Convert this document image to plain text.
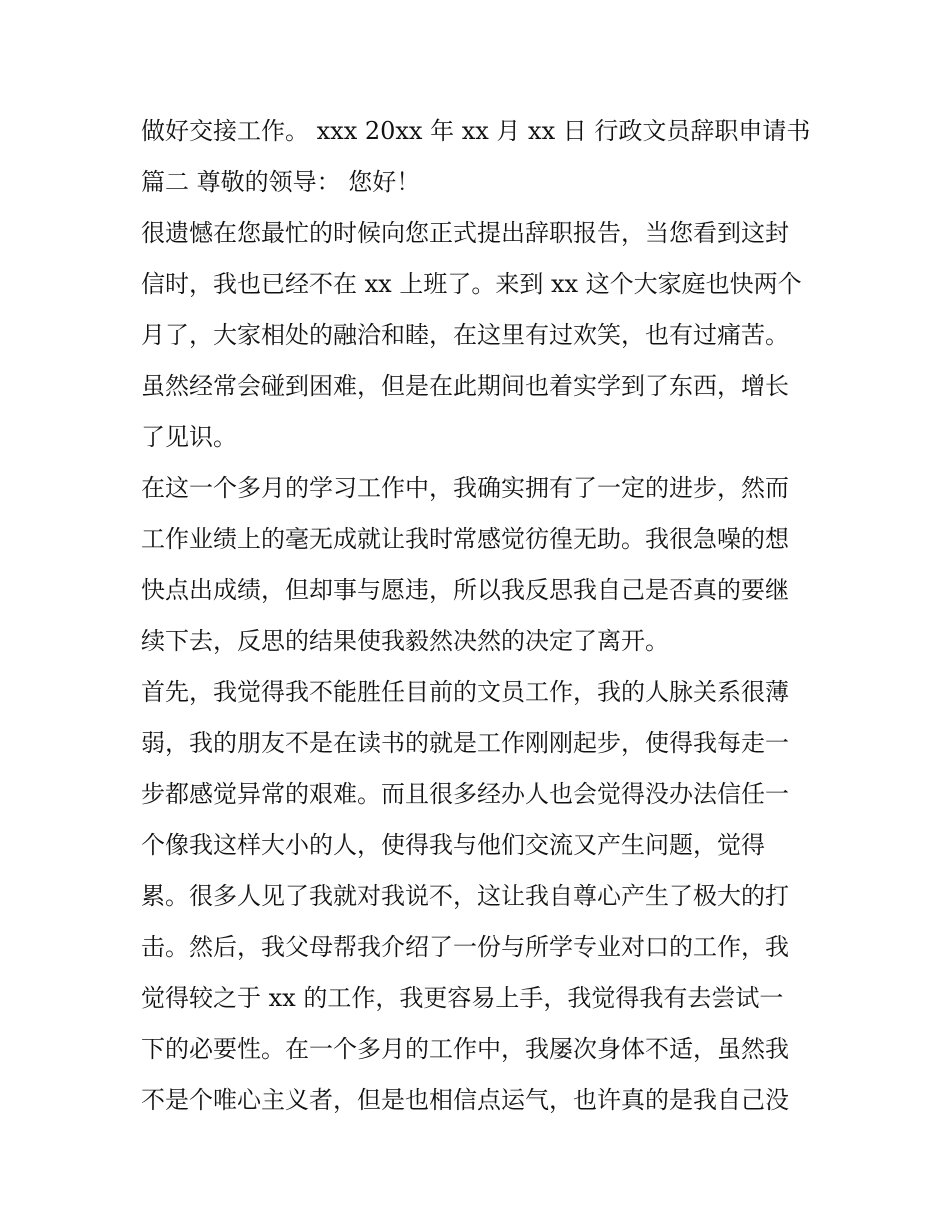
做好交接工作。 xxx 20xx 年 xx 月 xx 日 行政文员辞职申请书
篇二 尊敬的领导： 您好！
很遗憾在您最忙的时候向您正式提出辞职报告，当您看到这封
信时，我也已经不在 xx 上班了。来到 xx 这个大家庭也快两个
月了，大家相处的融洽和睦，在这里有过欢笑，也有过痛苦。
虽然经常会碰到困难，但是在此期间也着实学到了东西，增长
了见识。
在这一个多月的学习工作中，我确实拥有了一定的进步，然而
工作业绩上的毫无成就让我时常感觉彷徨无助。我很急噪的想
快点出成绩，但却事与愿违，所以我反思我自己是否真的要继
续下去，反思的结果使我毅然决然的决定了离开。
首先，我觉得我不能胜任目前的文员工作，我的人脉关系很薄
弱，我的朋友不是在读书的就是工作刚刚起步，使得我每走一
步都感觉异常的艰难。而且很多经办人也会觉得没办法信任一
个像我这样大小的人，使得我与他们交流又产生问题，觉得
累。很多人见了我就对我说不，这让我自尊心产生了极大的打
击。然后，我父母帮我介绍了一份与所学专业对口的工作，我
觉得较之于 xx 的工作，我更容易上手，我觉得我有去尝试一
下的必要性。在一个多月的工作中，我屡次身体不适，虽然我
不是个唯心主义者，但是也相信点运气，也许真的是我自己没
